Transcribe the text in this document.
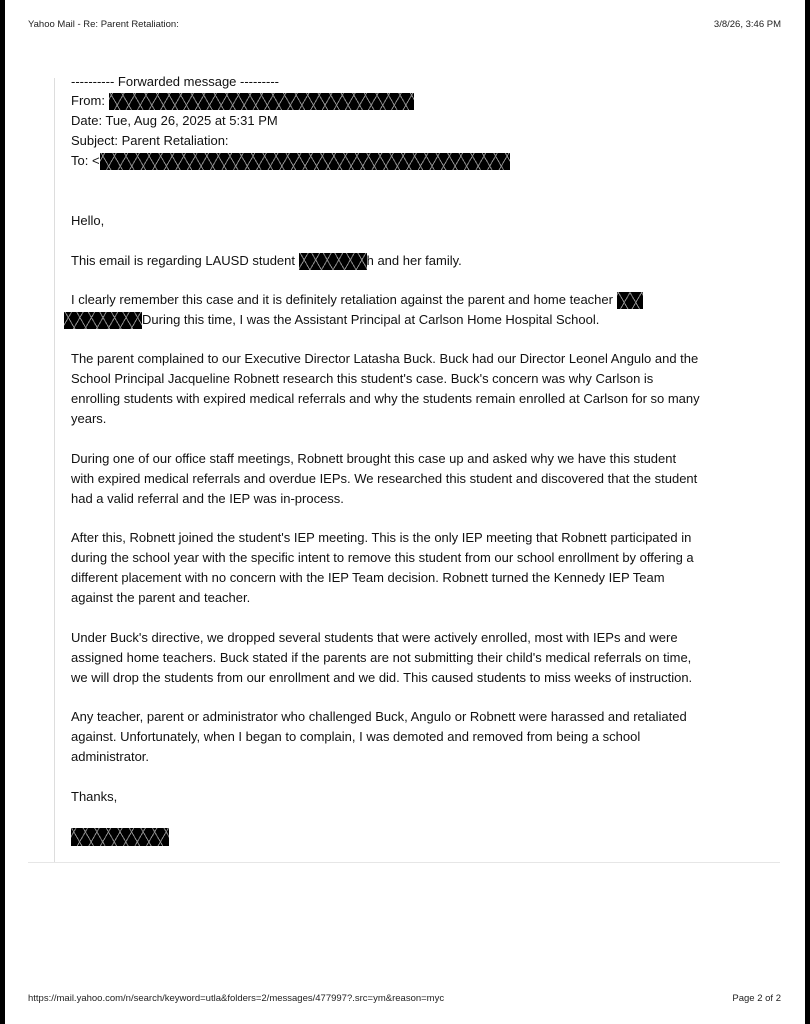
Yahoo Mail - Re: Parent Retaliation:	3/8/26, 3:46 PM
---------- Forwarded message ---------
From:
Date: Tue, Aug 26, 2025 at 5:31 PM
Subject: Parent Retaliation:
To: <
Hello,
This email is regarding LAUSD student	h and her family.
I clearly remember this case and it is definitely retaliation against the parent and home teacher
During this time, I was the Assistant Principal at Carlson Home Hospital School.
The parent complained to our Executive Director Latasha Buck. Buck had our Director Leonel Angulo and the
School Principal Jacqueline Robnett research this student's case. Buck's concern was why Carlson is
enrolling students with expired medical referrals and why the students remain enrolled at Carlson for so many
years.
During one of our office staff meetings, Robnett brought this case up and asked why we have this student
with expired medical referrals and overdue IEPs. We researched this student and discovered that the student
had a valid referral and the IEP was in-process.
After this, Robnett joined the student's IEP meeting. This is the only IEP meeting that Robnett participated in
during the school year with the specific intent to remove this student from our school enrollment by offering a
different placement with no concern with the IEP Team decision. Robnett turned the Kennedy IEP Team
against the parent and teacher.
Under Buck's directive, we dropped several students that were actively enrolled, most with IEPs and were
assigned home teachers. Buck stated if the parents are not submitting their child's medical referrals on time,
we will drop the students from our enrollment and we did. This caused students to miss weeks of instruction.
Any teacher, parent or administrator who challenged Buck, Angulo or Robnett were harassed and retaliated
against. Unfortunately, when I began to complain, I was demoted and removed from being a school
administrator.
Thanks,
https://mail.yahoo.com/n/search/keyword=utla&folders=2/messages/477997?.src=ym&reason=myc	Page 2 of 2
